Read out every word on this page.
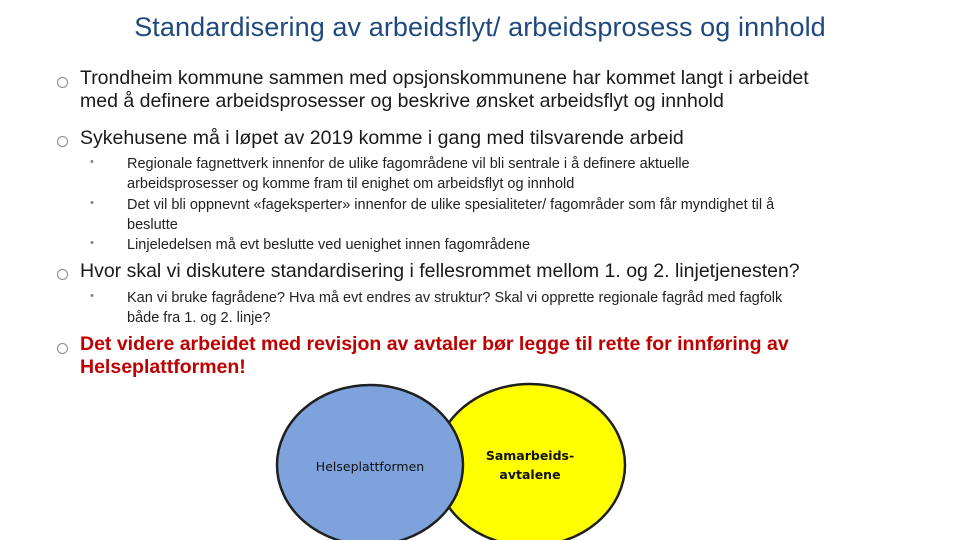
Standardisering av arbeidsflyt/ arbeidsprosess og innhold
Trondheim kommune sammen med opsjonskommunene har kommet langt i arbeidet
med å definere arbeidsprosesser og beskrive ønsket arbeidsflyt og innhold
Sykehusene må i løpet av 2019 komme i gang med tilsvarende arbeid
• Regionale fagnettverk innenfor de ulike fagområdene vil bli sentrale i å definere aktuelle
arbeidsprosesser og komme fram til enighet om arbeidsflyt og innhold
• Det vil bli oppnevnt «fageksperter» innenfor de ulike spesialiteter/ fagområder som får myndighet til å
beslutte
• Linjeledelsen må evt beslutte ved uenighet innen fagområdene
Hvor skal vi diskutere standardisering i fellesrommet mellom 1. og 2. linjetjenesten?
• Kan vi bruke fagrådene? Hva må evt endres av struktur? Skal vi opprette regionale fagråd med fagfolk
både fra 1. og 2. linje?
Det videre arbeidet med revisjon av avtaler bør legge til rette for innføring av
Helseplattformen!
Helseplattformen
Samarbeids-
avtalene
